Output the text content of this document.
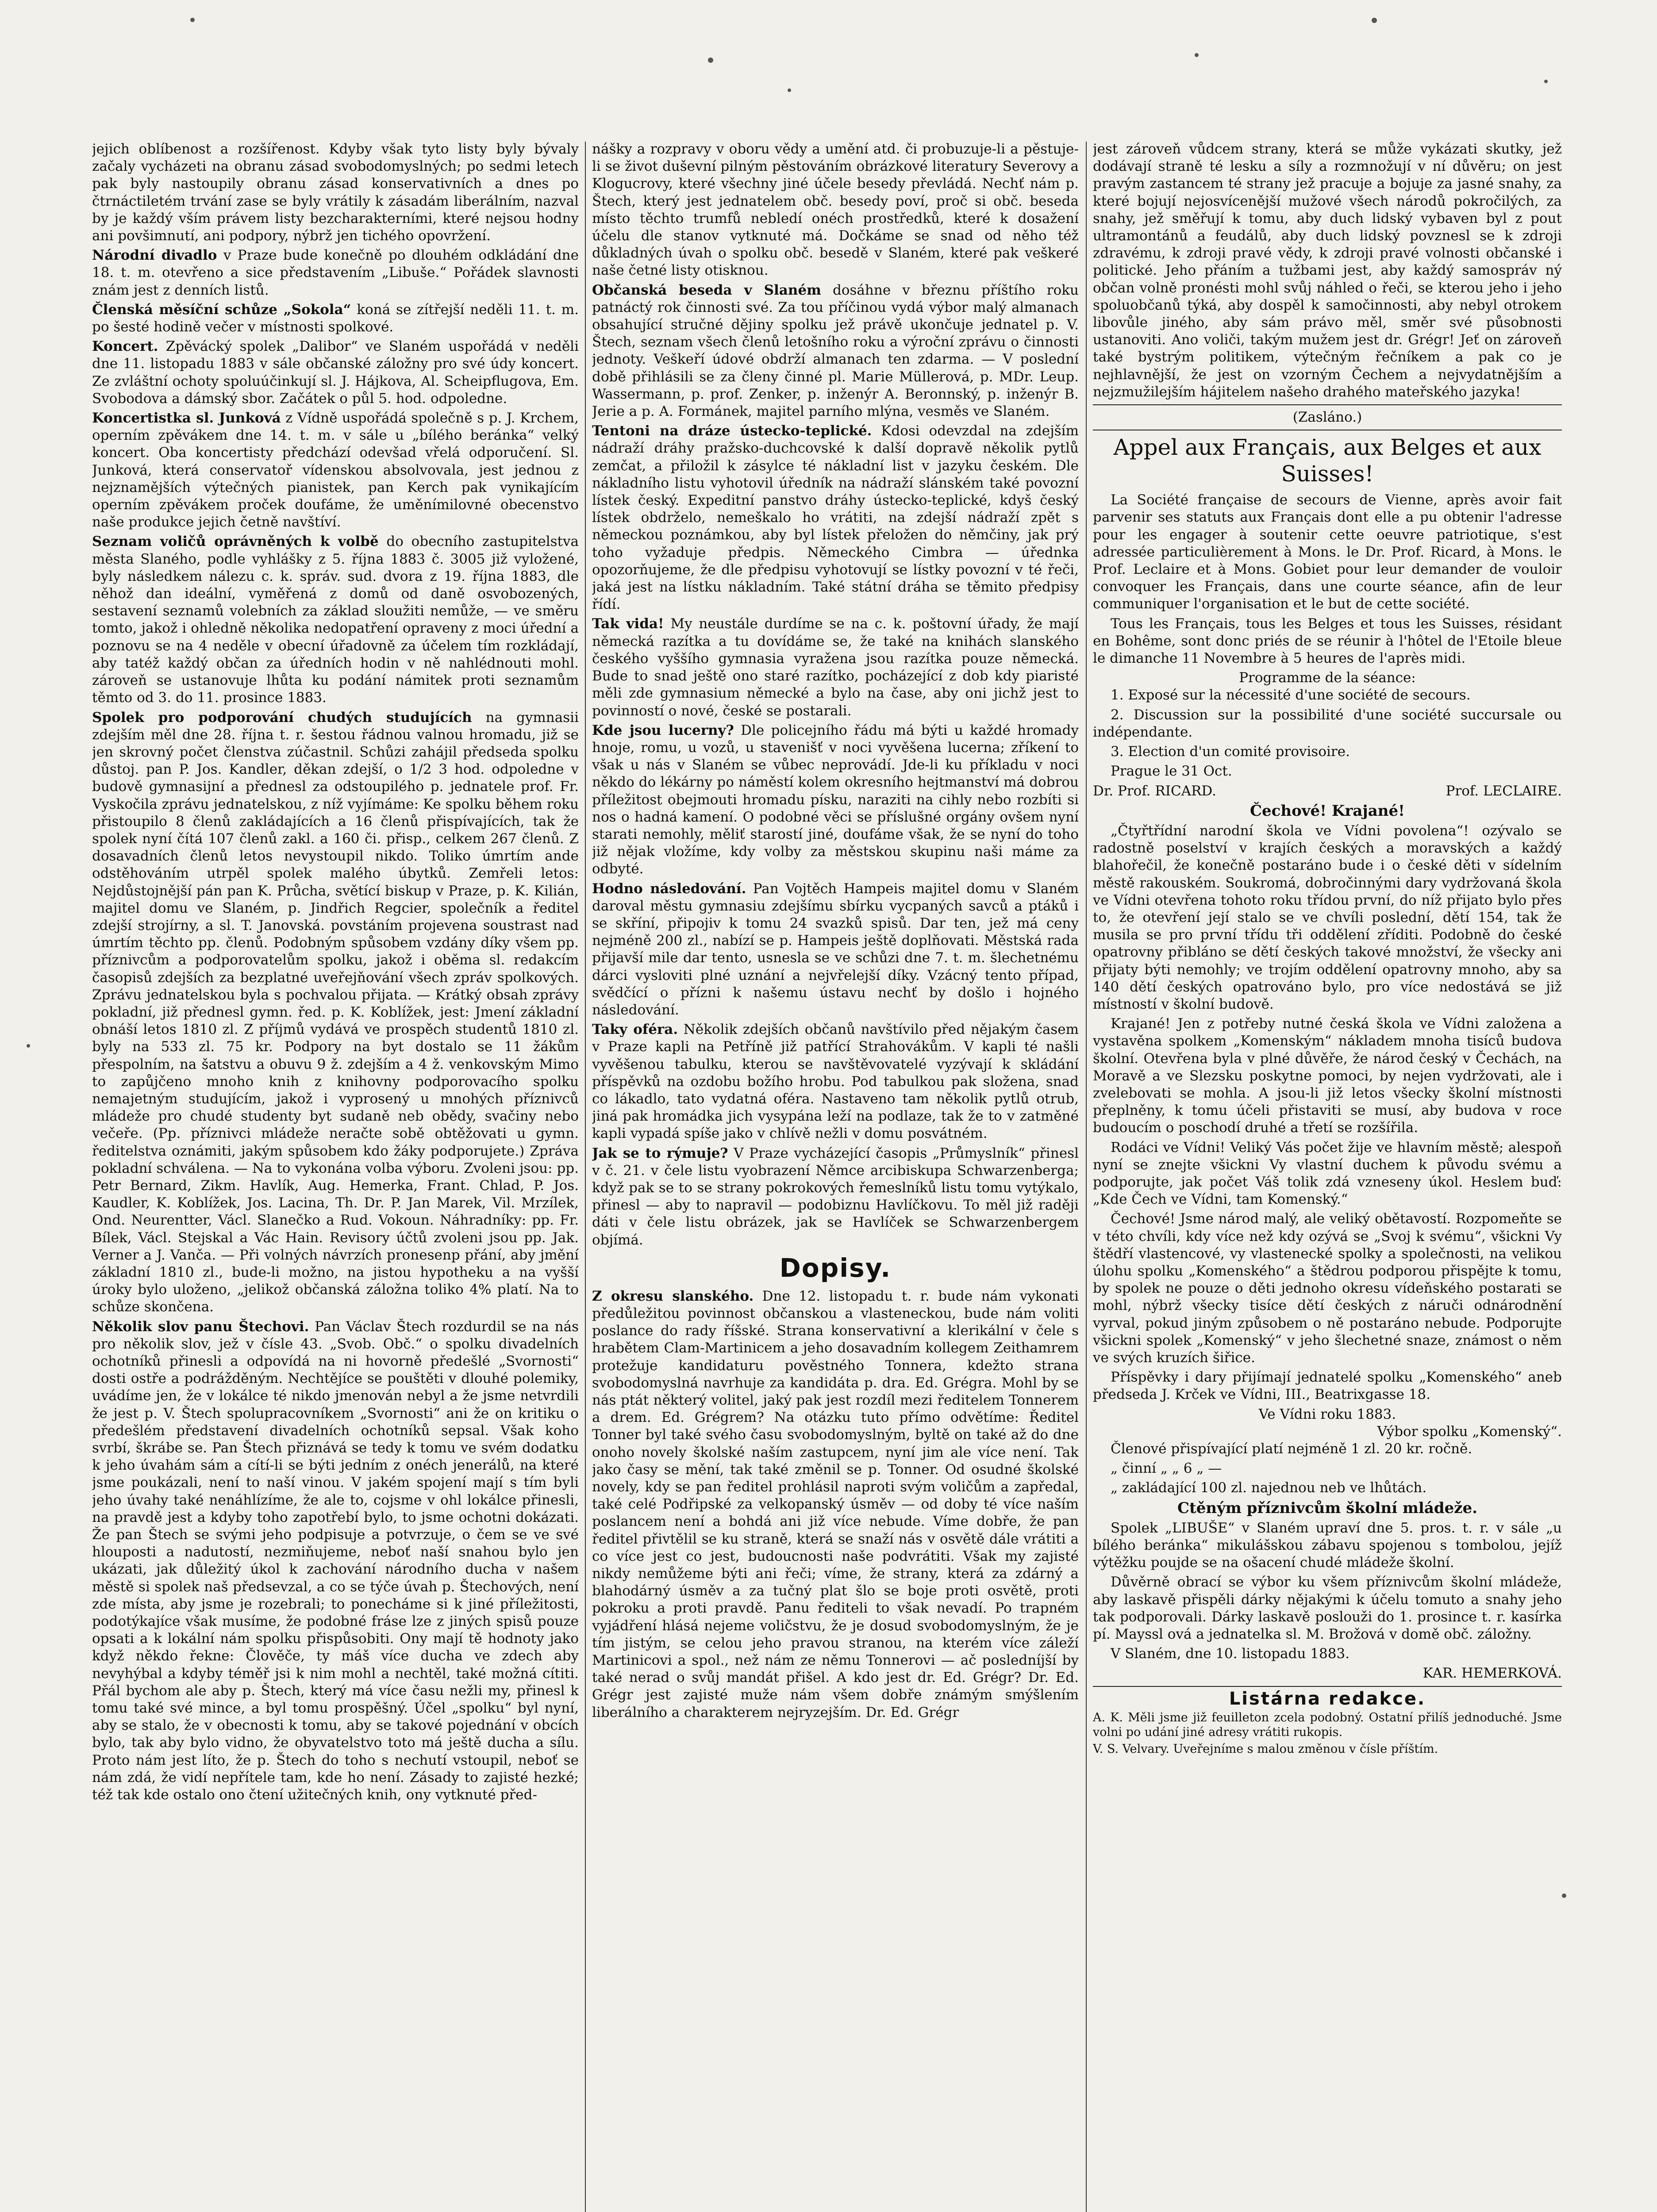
jejich oblíbenost a rozšířenost. Kdyby však tyto listy byly bývaly začaly vycházeti na obranu zásad svobodomyslných; po sedmi letech pak byly nastoupily obranu zásad konservativních a dnes po čtrnáctiletém trvání zase se byly vrátily k zásadám liberálním, nazval by je každý vším právem listy bezcharakterními, které nejsou hodny ani povšimnutí, ani podpory, nýbrž jen tichého opovržení.

Národní divadlo v Praze bude konečně po dlouhém odkládání dne 18. t. m. otevřeno a sice představením „Libuše.“ Pořádek slavnosti znám jest z denních listů.

Členská měsíční schůze „Sokola“ koná se zítřejší neděli 11. t. m. po šesté hodině večer v místnosti spolkové.

Koncert. Zpěvácký spolek „Dalibor“ ve Slaném uspořádá v neděli dne 11. listopadu 1883 v sále občanské záložny pro své údy koncert. Ze zvláštní ochoty spoluúčinkují sl. J. Hájkova, Al. Scheipflugova, Em. Svobodova a dámský sbor. Začátek o půl 5. hod. odpoledne.

Koncertistka sl. Junková z Vídně uspořádá společně s p. J. Krchem, operním zpěvákem dne 14. t. m. v sále u „bílého beránka“ velký koncert. Oba koncertisty předchází odevšad vřelá odporučení. Sl. Junková, která conservatoř vídenskou absolvovala, jest jednou z nejznamějších výtečných pianistek, pan Kerch pak vynikajícím operním zpěvákem proček doufáme, že uměnímilovné obecenstvo naše produkce jejich četně navštíví.

Seznam voličů oprávněných k volbě do obecního zastupitelstva města Slaného, podle vyhlášky z 5. října 1883 č. 3005 již vyložené, byly následkem nálezu c. k. správ. sud. dvora z 19. října 1883, dle něhož dan ideální, vyměřená z domů od daně osvobozených, sestavení seznamů volebních za základ sloužiti nemůže, — ve směru tomto, jakož i ohledně několika nedopatření opraveny z moci úřední a poznovu se na 4 neděle v obecní úřadovně za účelem tím rozkládají, aby tatéž každý občan za úředních hodin v ně nahlédnouti mohl. zároveň se ustanovuje lhůta ku podání námitek proti seznamům těmto od 3. do 11. prosince 1883.

Spolek pro podporování chudých studujících na gymnasii zdejším měl dne 28. října t. r. šestou řádnou valnou hromadu, již se jen skrovný počet členstva zúčastnil. Schůzi zahájil předseda spolku důstoj. pan P. Jos. Kandler, děkan zdejší, o 1/2 3 hod. odpoledne v budově gymnasijní a přednesl za odstoupilého p. jednatele prof. Fr. Vyskočila zprávu jednatelskou, z níž vyjímáme: Ke spolku během roku přistoupilo 8 členů zakládajících a 16 členů přispívajících, tak že spolek nyní čítá 107 členů zakl. a 160 či. přisp., celkem 267 členů. Z dosavadních členů letos nevystoupil nikdo. Toliko úmrtím ande odstěhováním utrpěl spolek malého úbytků. Zemřeli letos: Nejdůstojnější pán pan K. Průcha, světící biskup v Praze, p. K. Kilián, majitel domu ve Slaném, p. Jindřich Regcier, společník a ředitel zdejší strojírny, a sl. T. Janovská. povstáním projevena soustrast nad úmrtím těchto pp. členů. Podobným spůsobem vzdány díky všem pp. příznivcům a podporovatelům spolku, jakož i oběma sl. redakcím časopisů zdejších za bezplatné uveřejňování všech zpráv spolkových. Zprávu jednatelskou byla s pochvalou přijata. — Krátký obsah zprávy pokladní, již přednesl gymn. řed. p. K. Koblížek, jest: Jmení základní obnáší letos 1810 zl. Z příjmů vydává ve prospěch studentů 1810 zl. byly na 533 zl. 75 kr. Podpory na byt dostalo se 11 žákům přespolním, na šatstvu a obuvu 9 ž. zdejším a 4 ž. venkovským Mimo to zapůjčeno mnoho knih z knihovny podporovacího spolku nemajetným studujícím, jakož i vyprosený u mnohých příznivců mládeže pro chudé studenty byt sudaně neb obědy, svačiny nebo večeře. (Pp. příznivci mládeže neračte sobě obtěžovati u gymn. ředitelstva oznámiti, jakým spůsobem kdo žáky podporujete.) Zpráva pokladní schválena. — Na to vykonána volba výboru. Zvoleni jsou: pp. Petr Bernard, Zikm. Havlík, Aug. Hemerka, Frant. Chlad, P. Jos. Kaudler, K. Koblížek, Jos. Lacina, Th. Dr. P. Jan Marek, Vil. Mrzílek, Ond. Neurentter, Václ. Slanečko a Rud. Vokoun. Náhradníky: pp. Fr. Bílek, Václ. Stejskal a Vác Hain. Revisory účtů zvoleni jsou pp. Jak. Verner a J. Vanča. — Při volných návrzích pronesenp přání, aby jmění základní 1810 zl., bude-li možno, na jistou hypotheku a na vyšší úroky bylo uloženo, „jelikož občanská záložna toliko 4% platí. Na to schůze skončena.

Několik slov panu Štechovi. Pan Václav Štech rozdurdil se na nás pro několik slov, jež v čísle 43. „Svob. Obč.“ o spolku divadelních ochotníků přinesli a odpovídá na ni hovorně předešlé „Svornosti“ dosti ostře a podrážděným. Nechtějíce se pouštěti v dlouhé polemiky, uvádíme jen, že v lokálce té nikdo jmenován nebyl a že jsme netvrdili že jest p. V. Štech spolupracovníkem „Svornosti“ ani že on kritiku o předešlém představení divadelních ochotníků sepsal. Však koho svrbí, škrábe se. Pan Štech přiznává se tedy k tomu ve svém dodatku k jeho úvahám sám a cítí-li se býti jedním z onéch jenerálů, na které jsme poukázali, není to naší vinou. V jakém spojení mají s tím byli jeho úvahy také nenáhlízíme, že ale to, cojsme v ohl lokálce přinesli, na pravdě jest a kdyby toho zapotřebí bylo, to jsme ochotni dokázati. Že pan Štech se svými jeho podpisuje a potvrzuje, o čem se ve své hlouposti a nadutostí, nezmiňujeme, neboť naší snahou bylo jen ukázati, jak důležitý úkol k zachování národního ducha v našem městě si spolek naš předsevzal, a co se týče úvah p. Štechových, není zde místa, aby jsme je rozebrali; to ponecháme si k jiné příležitosti, podotýkajíce však musíme, že podobné fráse lze z jiných spisů pouze opsati a k lokální nám spolku přispůsobiti. Ony mají tě hodnoty jako když někdo řekne: Člověče, ty máš více ducha ve zdech aby nevyhýbal a kdyby téměř jsi k nim mohl a nechtěl, také možná cítiti. Přál bychom ale aby p. Štech, který má více času nežli my, přinesl k tomu také své mince, a byl tomu prospěšný. Účel „spolku“ byl nyní, aby se stalo, že v obecnosti k tomu, aby se takové pojednání v obcích bylo, tak aby bylo vidno, že obyvatelstvo toto má ještě ducha a sílu. Proto nám jest líto, že p. Štech do toho s nechutí vstoupil, neboť se nám zdá, že vidí nepřítele tam, kde ho není. Zásady to zajisté hezké; též tak kde ostalo ono čtení užitečných knih, ony vytknuté před-

nášky a rozpravy v oboru vědy a umění atd. či probuzuje-li a pěstuje-li se život duševní pilným pěstováním obrázkové literatury Severovy a Klogucrovy, které všechny jiné účele besedy převládá. Nechť nám p. Štech, který jest jednatelem obč. besedy poví, proč si obč. beseda místo těchto trumfů nebledí onéch prostředků, které k dosažení účelu dle stanov vytknuté má. Dočkáme se snad od něho též důkladných úvah o spolku obč. besedě v Slaném, které pak veškeré naše četné listy otisknou.

Občanská beseda v Slaném dosáhne v březnu příštího roku patnáctý rok činnosti své. Za tou příčinou vydá výbor malý almanach obsahující stručné dějiny spolku jež právě ukončuje jednatel p. V. Štech, seznam všech členů letošního roku a výroční zprávu o činnosti jednoty. Veškeří údové obdrží almanach ten zdarma. — V poslední době přihlásili se za členy činné pl. Marie Müllerová, p. MDr. Leup. Wassermann, p. prof. Zenker, p. inženýr A. Beronnský, p. inženýr B. Jerie a p. A. Formánek, majitel parního mlýna, vesměs ve Slaném.

Tentoni na dráze ústecko-teplické. Kdosi odevzdal na zdejším nádraží dráhy pražsko-duchcovské k další dopravě několik pytlů zemčat, a přiložil k zásylce té nákladní list v jazyku českém. Dle nákladního listu vyhotovil úředník na nádraží slánském také povozní lístek český. Expeditní panstvo dráhy ústecko-teplické, kdyš český lístek obdrželo, nemeškalo ho vrátiti, na zdejší nádraží zpět s německou poznámkou, aby byl lístek přeložen do němčiny, jak prý toho vyžaduje předpis. Německého Cimbra — úřednka opozorňujeme, že dle předpisu vyhotovují se lístky povozní v té řeči, jaká jest na lístku nákladním. Také státní dráha se těmito předpisy řídí.

Tak vida! My neustále durdíme se na c. k. poštovní úřady, že mají německá razítka a tu dovídáme se, že také na knihách slanského českého vyššího gymnasia vyražena jsou razítka pouze německá. Bude to snad ještě ono staré razítko, pocházející z dob kdy piaristé měli zde gymnasium německé a bylo na čase, aby oni jichž jest to povinností o nové, české se postarali.

Kde jsou lucerny? Dle policejního řádu má býti u každé hromady hnoje, romu, u vozů, u stavenišť v noci vyvěšena lucerna; zříkení to však u nás v Slaném se vůbec neprovádí. Jde-li ku příkladu v noci někdo do lékárny po náměstí kolem okresního hejtmanství má dobrou příležitost obejmouti hromadu písku, naraziti na cihly nebo rozbíti si nos o hadná kamení. O podobné věci se příslušné orgány ovšem nyní starati nemohly, měliť starostí jiné, doufáme však, že se nyní do toho již nějak vložíme, kdy volby za městskou skupinu naši máme za odbyté.

Hodno následování. Pan Vojtěch Hampeis majitel domu v Slaném daroval městu gymnasiu zdejšímu sbírku vycpaných savců a ptáků i se skříní, připojiv k tomu 24 svazků spisů. Dar ten, jež má ceny nejméně 200 zl., nabízí se p. Hampeis ještě doplňovati. Městská rada přijavší mile dar tento, usnesla se ve schůzi dne 7. t. m. šlechetnému dárci vysloviti plné uznání a nejvřelejší díky. Vzácný tento případ, svědčící o přízni k našemu ústavu nechť by došlo i hojného následování.

Taky oféra. Několik zdejších občanů navštívilo před nějakým časem v Praze kapli na Petříně již patřící Strahovákům. V kapli té našli vyvěšenou tabulku, kterou se navštěvovatelé vyzývají k skládání příspěvků na ozdobu božího hrobu. Pod tabulkou pak složena, snad co lákadlo, tato vydatná oféra. Nastaveno tam několik pytlů otrub, jiná pak hromádka jich vysypána leží na podlaze, tak že to v zatměné kapli vypadá spíše jako v chlívě nežli v domu posvátném.

Jak se to rýmuje? V Praze vycházející časopis „Průmyslník“ přinesl v č. 21. v čele listu vyobrazení Němce arcibiskupa Schwarzenberga; když pak se to se strany pokrokových řemeslníků listu tomu vytýkalo, přinesl — aby to napravil — podobiznu Havlíčkovu. To měl již raději dáti v čele listu obrázek, jak se Havlíček se Schwarzenbergem objímá.

Dopisy.

Z okresu slanského. Dne 12. listopadu t. r. bude nám vykonati předůležitou povinnost občanskou a vlasteneckou, bude nám voliti poslance do rady říšské. Strana konservativní a klerikální v čele s hrabětem Clam-Martinicem a jeho dosavadním kollegem Zeithamrem protežuje kandidaturu pověstného Tonnera, kdežto strana svobodomyslná navrhuje za kandidáta p. dra. Ed. Grégra. Mohl by se nás ptát některý volitel, jaký pak jest rozdíl mezi ředitelem Tonnerem a drem. Ed. Grégrem? Na otázku tuto přímo odvětíme: Ředitel Tonner byl také svého času svobodomyslným, byltě on také až do dne onoho novely školské naším zastupcem, nyní jim ale více není. Tak jako časy se mění, tak také změnil se p. Tonner. Od osudné školské novely, kdy se pan ředitel prohlásil naproti svým voličům a zapředal, také celé Podřipské za velkopanský úsměv — od doby té více naším poslancem není a bohdá ani již více nebude. Víme dobře, že pan ředitel přivtělil se ku straně, která se snaží nás v osvětě dále vrátiti a co více jest co jest, budoucnosti naše podvrátiti. Však my zajisté nikdy nemůžeme býti ani řeči; víme, že strany, která za zdárný a blahodárný úsměv a za tučný plat šlo se boje proti osvětě, proti pokroku a proti pravdě. Panu řediteli to však nevadí. Po trapném vyjádření hlásá nejeme voličstvu, že je dosud svobodomyslným, že je tím jistým, se celou jeho pravou stranou, na kterém více záleží Martinicovi a spol., než nám ze němu Tonnerovi — ač posledníjší by také nerad o svůj mandát přišel. A kdo jest dr. Ed. Grégr? Dr. Ed. Grégr jest zajisté muže nám všem dobře známým smýšlením liberálního a charakterem nejryzejším. Dr. Ed. Grégr

jest zároveň vůdcem strany, která se může vykázati skutky, jež dodávají straně té lesku a síly a rozmnožují v ní důvěru; on jest pravým zastancem té strany jež pracuje a bojuje za jasné snahy, za které bojují nejosvícenější mužové všech národů pokročilých, za snahy, jež směřují k tomu, aby duch lidský vybaven byl z pout ultramontánů a feudálů, aby duch lidský povznesl se k zdroji zdravému, k zdroji pravé vědy, k zdroji pravé volnosti občanské i politické. Jeho přáním a tužbami jest, aby každý samospráv ný občan volně pronésti mohl svůj náhled o řeči, se kterou jeho i jeho spoluobčanů týká, aby dospěl k samočinnosti, aby nebyl otrokem libovůle jiného, aby sám právo měl, směr své působnosti ustanoviti. Ano voliči, takým mužem jest dr. Grégr! Jeť on zároveň také bystrým politikem, výtečným řečníkem a pak co je nejhlavnější, že jest on vzorným Čechem a nejvydatnějším a nejzmužilejším hájitelem našeho drahého mateřského jazyka!

(Zasláno.)
Appel aux Français, aux Belges et aux Suisses!

La Société française de secours de Vienne, après avoir fait parvenir ses statuts aux Français dont elle a pu obtenir l'adresse pour les engager à soutenir cette oeuvre patriotique, s'est adressée particulièrement à Mons. le Dr. Prof. Ricard, à Mons. le Prof. Leclaire et à Mons. Gobiet pour leur demander de vouloir convoquer les Français, dans une courte séance, afin de leur communiquer l'organisation et le but de cette société.

Tous les Français, tous les Belges et tous les Suisses, résidant en Bohême, sont donc priés de se réunir à l'hôtel de l'Etoile bleue le dimanche 11 Novembre à 5 heures de l'après midi.

Programme de la séance:

1. Exposé sur la nécessité d'une société de secours.

2. Discussion sur la possibilité d'une société succursale ou indépendante.

3. Election d'un comité provisoire.

Prague le 31 Oct.

Dr. Prof. RICARD.	Prof. LECLAIRE.
Čechové! Krajané!

„Čtyřtřídní narodní škola ve Vídni povolena“! ozývalo se radostně poselství v krajích českých a moravských a každý blahořečil, že konečně postaráno bude i o české děti v sídelním městě rakouském. Soukromá, dobročinnými dary vydržovaná škola ve Vídni otevřena tohoto roku třídou první, do níž přijato bylo přes to, že otevření její stalo se ve chvíli poslední, dětí 154, tak že musila se pro první třídu tři oddělení zříditi. Podobně do české opatrovny přibláno se dětí českých takové množství, že všecky ani přijaty býti nemohly; ve trojím oddělení opatrovny mnoho, aby sa 140 dětí českých opatrováno bylo, pro více nedostává se již místností v školní budově.

Krajané! Jen z potřeby nutné česká škola ve Vídni založena a vystavěna spolkem „Komenským“ nákladem mnoha tisíců budova školní. Otevřena byla v plné důvěře, že národ český v Čechách, na Moravě a ve Slezsku poskytne pomoci, by nejen vydržovati, ale i zvelebovati se mohla. A jsou-li již letos všecky školní místnosti přeplněny, k tomu účeli přistaviti se musí, aby budova v roce budoucím o poschodí druhé a třetí se rozšířila.

Rodáci ve Vídni! Veliký Vás počet žije ve hlavním městě; alespoň nyní se znejte všickni Vy vlastní duchem k původu svému a podporujte, jak počet Váš tolik zdá vzneseny úkol. Heslem buď: „Kde Čech ve Vídni, tam Komenský.“

Čechové! Jsme národ malý, ale veliký obětavostí. Rozpomeňte se v této chvíli, kdy více než kdy ozývá se „Svoj k svému“, všickni Vy štědří vlastencové, vy vlastenecké spolky a společnosti, na velikou úlohu spolku „Komenského“ a štědrou podporou přispějte k tomu, by spolek ne pouze o děti jednoho okresu vídeňského postarati se mohl, nýbrž všecky tisíce dětí českých z náruči odnárodnění vyrval, pokud jiným způsobem o ně postaráno nebude. Podporujte všickni spolek „Komenský“ v jeho šlechetné snaze, známost o něm ve svých kruzích šiřice.

Příspěvky i dary přijímají jednatelé spolku „Komenského“ aneb předseda J. Krček ve Vídni, III., Beatrixgasse 18.

Ve Vídni roku 1883.
Výbor spolku „Komenský“.

Členové přispívající platí nejméně 1 zl. 20 kr. ročně.

„ činní „ „ 6 „ —

„ zakládající 100 zl. najednou neb ve lhůtách.

Ctěným příznivcům školní mládeže.

Spolek „LIBUŠE“ v Slaném upraví dne 5. pros. t. r. v sále „u bílého beránka“ mikulášskou zábavu spojenou s tombolou, jejíž výtěžku poujde se na ošacení chudé mládeže školní.

Důvěrně obrací se výbor ku všem příznivcům školní mládeže, aby laskavě přispěli dárky nějakými k účelu tomuto a snahy jeho tak podporovali. Dárky laskavě poslouži do 1. prosince t. r. kasírka pí. Mayssl ová a jednatelka sl. M. Brožová v domě obč. záložny.

V Slaném, dne 10. listopadu 1883.

KAR. HEMERKOVÁ.
Listárna redakce.
A. K. Měli jsme již feuilleton zcela podobný. Ostatní přilíš jednoduché. Jsme volni po udání jiné adresy vrátiti rukopis.
V. S. Velvary. Uveřejníme s malou změnou v čísle příštím.
